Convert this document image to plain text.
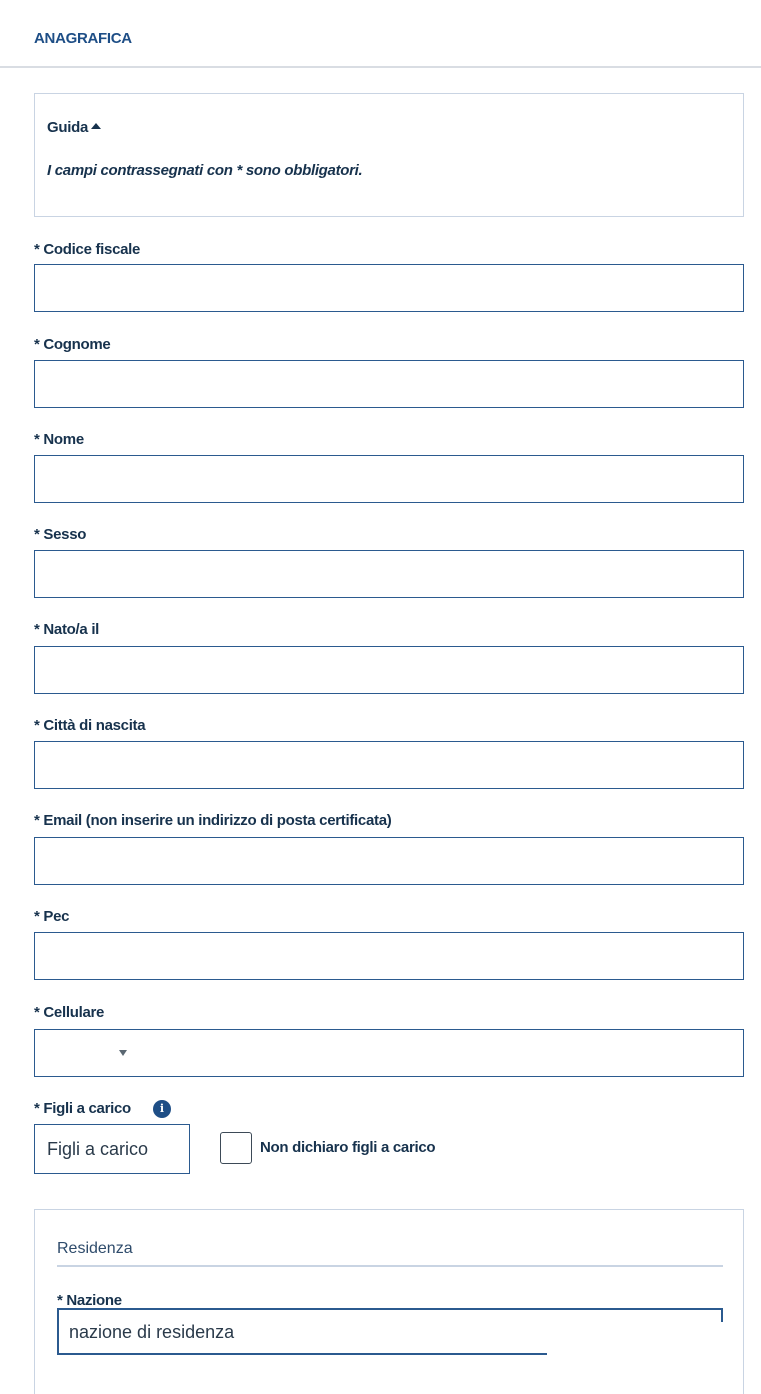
ANAGRAFICA
Guida
I campi contrassegnati con * sono obbligatori.
* Codice fiscale
* Cognome
* Nome
* Sesso
* Nato/a il
* Città di nascita
* Email (non inserire un indirizzo di posta certificata)
* Pec
* Cellulare
* Figli a carico	i
Figli a carico
Non dichiaro figli a carico
Residenza
* Nazione
nazione di residenza
